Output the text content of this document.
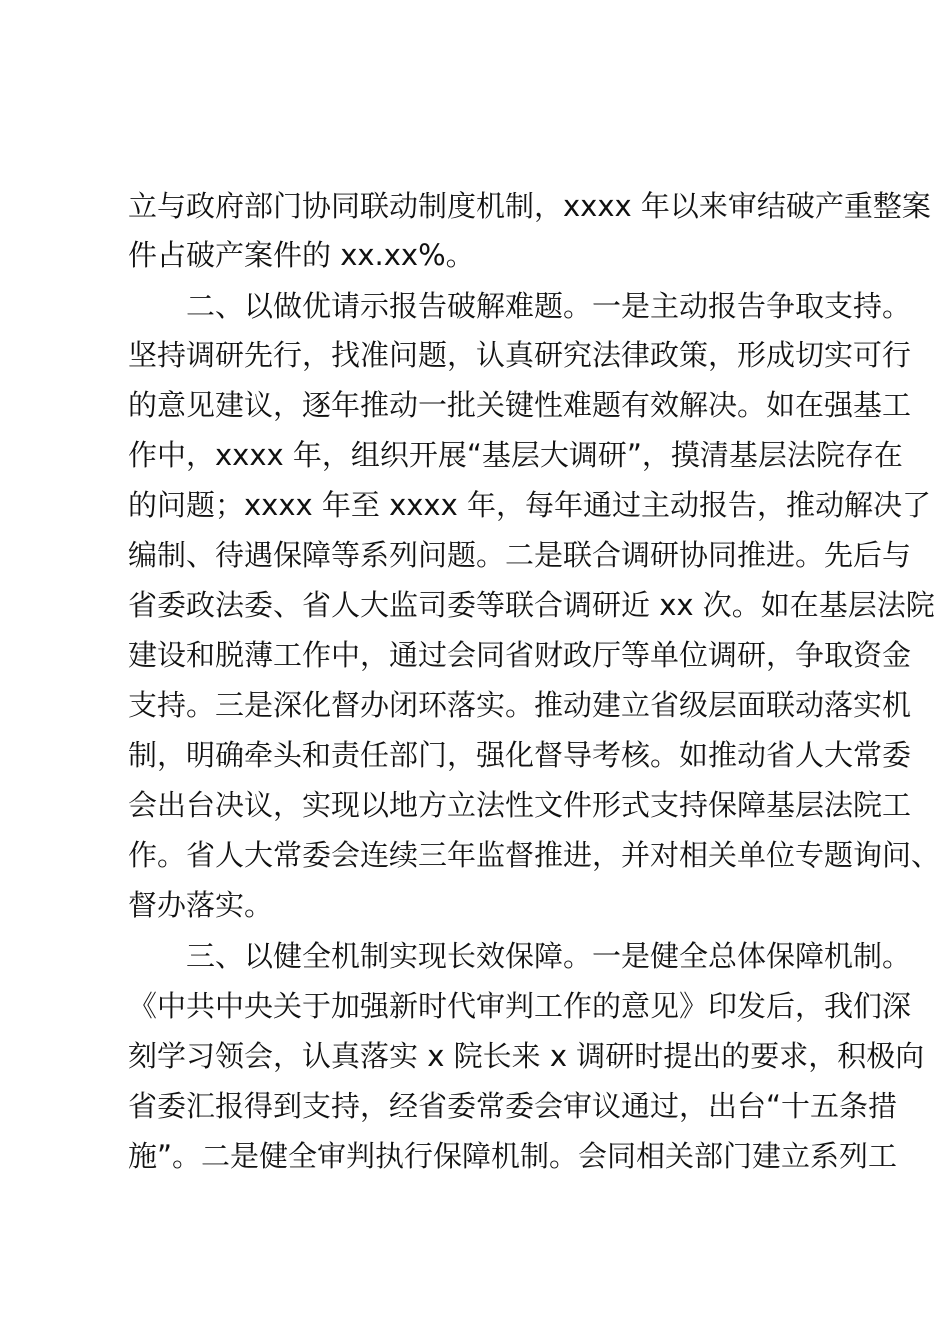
立与政府部门协同联动制度机制，xxxx 年以来审结破产重整案
件占破产案件的 xx.xx%。
二、以做优请示报告破解难题。一是主动报告争取支持。
坚持调研先行，找准问题，认真研究法律政策，形成切实可行
的意见建议，逐年推动一批关键性难题有效解决。如在强基工
作中，xxxx 年，组织开展“基层大调研”，摸清基层法院存在
的问题；xxxx 年至 xxxx 年，每年通过主动报告，推动解决了
编制、待遇保障等系列问题。二是联合调研协同推进。先后与
省委政法委、省人大监司委等联合调研近 xx 次。如在基层法院
建设和脱薄工作中，通过会同省财政厅等单位调研，争取资金
支持。三是深化督办闭环落实。推动建立省级层面联动落实机
制，明确牵头和责任部门，强化督导考核。如推动省人大常委
会出台决议，实现以地方立法性文件形式支持保障基层法院工
作。省人大常委会连续三年监督推进，并对相关单位专题询问、
督办落实。
三、以健全机制实现长效保障。一是健全总体保障机制。
《中共中央关于加强新时代审判工作的意见》印发后，我们深
刻学习领会，认真落实 x 院长来 x 调研时提出的要求，积极向
省委汇报得到支持，经省委常委会审议通过，出台“十五条措
施”。二是健全审判执行保障机制。会同相关部门建立系列工
